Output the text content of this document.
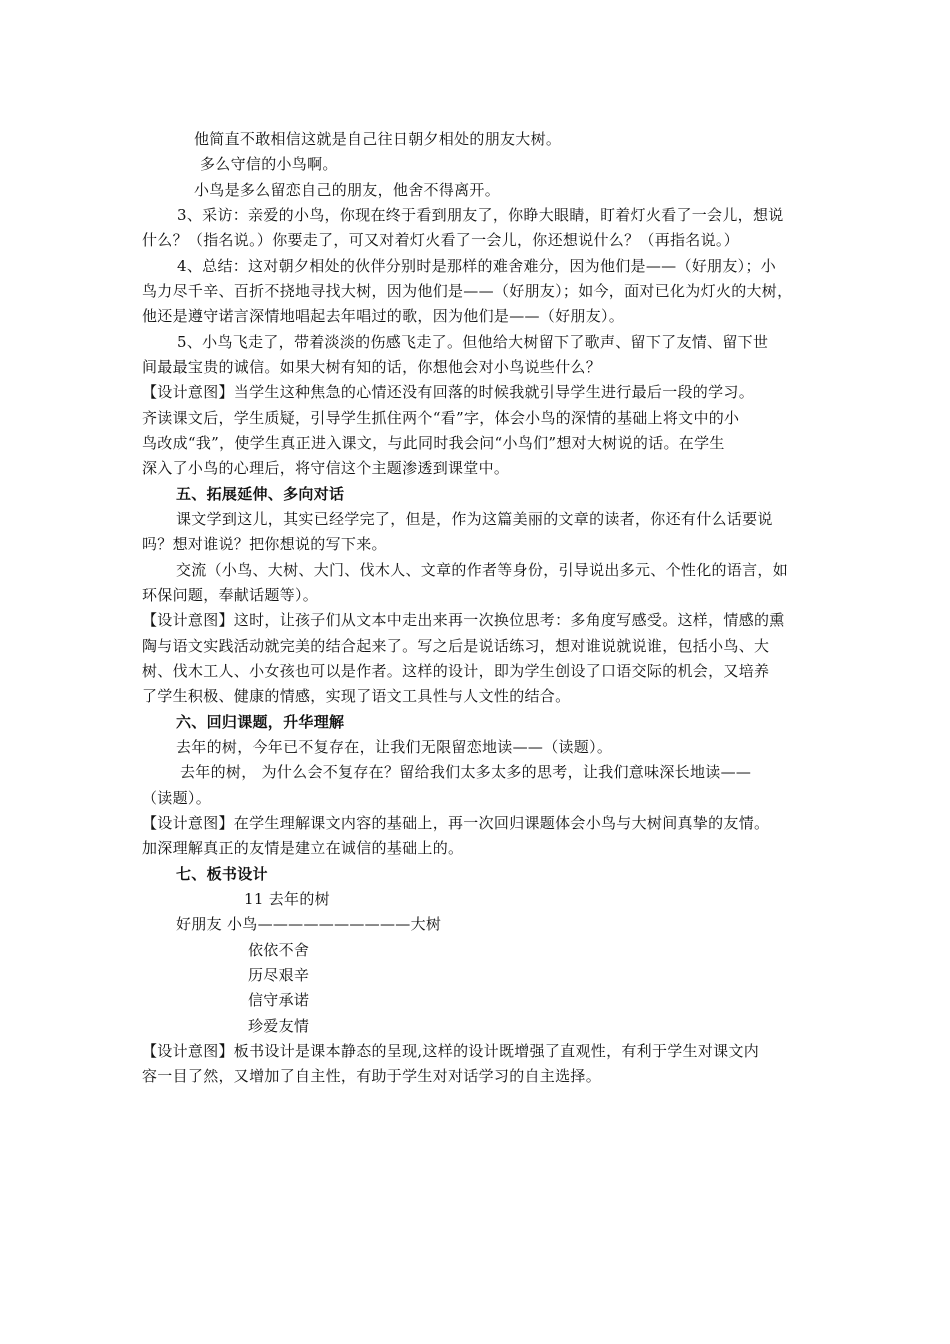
他简直不敢相信这就是自己往日朝夕相处的朋友大树。
多么守信的小鸟啊。
小鸟是多么留恋自己的朋友，他舍不得离开。
3、采访：亲爱的小鸟，你现在终于看到朋友了，你睁大眼睛，盯着灯火看了一会儿，想说
什么？（指名说。）你要走了，可又对着灯火看了一会儿，你还想说什么？（再指名说。）
4、总结：这对朝夕相处的伙伴分别时是那样的难舍难分，因为他们是——（好朋友）；小
鸟力尽千辛、百折不挠地寻找大树，因为他们是——（好朋友）；如今，面对已化为灯火的大树，
他还是遵守诺言深情地唱起去年唱过的歌，因为他们是——（好朋友）。
5、小鸟飞走了，带着淡淡的伤感飞走了。但他给大树留下了歌声、留下了友情、留下世
间最最宝贵的诚信。如果大树有知的话，你想他会对小鸟说些什么？
【设计意图】当学生这种焦急的心情还没有回落的时候我就引导学生进行最后一段的学习。
齐读课文后，学生质疑，引导学生抓住两个“看”字，体会小鸟的深情的基础上将文中的小
鸟改成“我”，使学生真正进入课文，与此同时我会问“小鸟们”想对大树说的话。在学生
深入了小鸟的心理后，将守信这个主题渗透到课堂中。
五、拓展延伸、多向对话
课文学到这儿，其实已经学完了，但是，作为这篇美丽的文章的读者，你还有什么话要说
吗？想对谁说？把你想说的写下来。
交流（小鸟、大树、大门、伐木人、文章的作者等身份，引导说出多元、个性化的语言，如
环保问题，奉献话题等）。
【设计意图】这时，让孩子们从文本中走出来再一次换位思考：多角度写感受。这样，情感的熏
陶与语文实践活动就完美的结合起来了。写之后是说话练习，想对谁说就说谁，包括小鸟、大
树、伐木工人、小女孩也可以是作者。这样的设计，即为学生创设了口语交际的机会，又培养
了学生积极、健康的情感，实现了语文工具性与人文性的结合。
六、回归课题，升华理解
去年的树，今年已不复存在，让我们无限留恋地读——（读题）。
去年的树， 为什么会不复存在？留给我们太多太多的思考，让我们意味深长地读——
（读题）。
【设计意图】在学生理解课文内容的基础上，再一次回归课题体会小鸟与大树间真挚的友情。
加深理解真正的友情是建立在诚信的基础上的。
七、板书设计
11 去年的树
好朋友 小鸟——————————大树
依依不舍
历尽艰辛
信守承诺
珍爱友情
【设计意图】板书设计是课本静态的呈现,这样的设计既增强了直观性，有利于学生对课文内
容一目了然，又增加了自主性，有助于学生对对话学习的自主选择。
